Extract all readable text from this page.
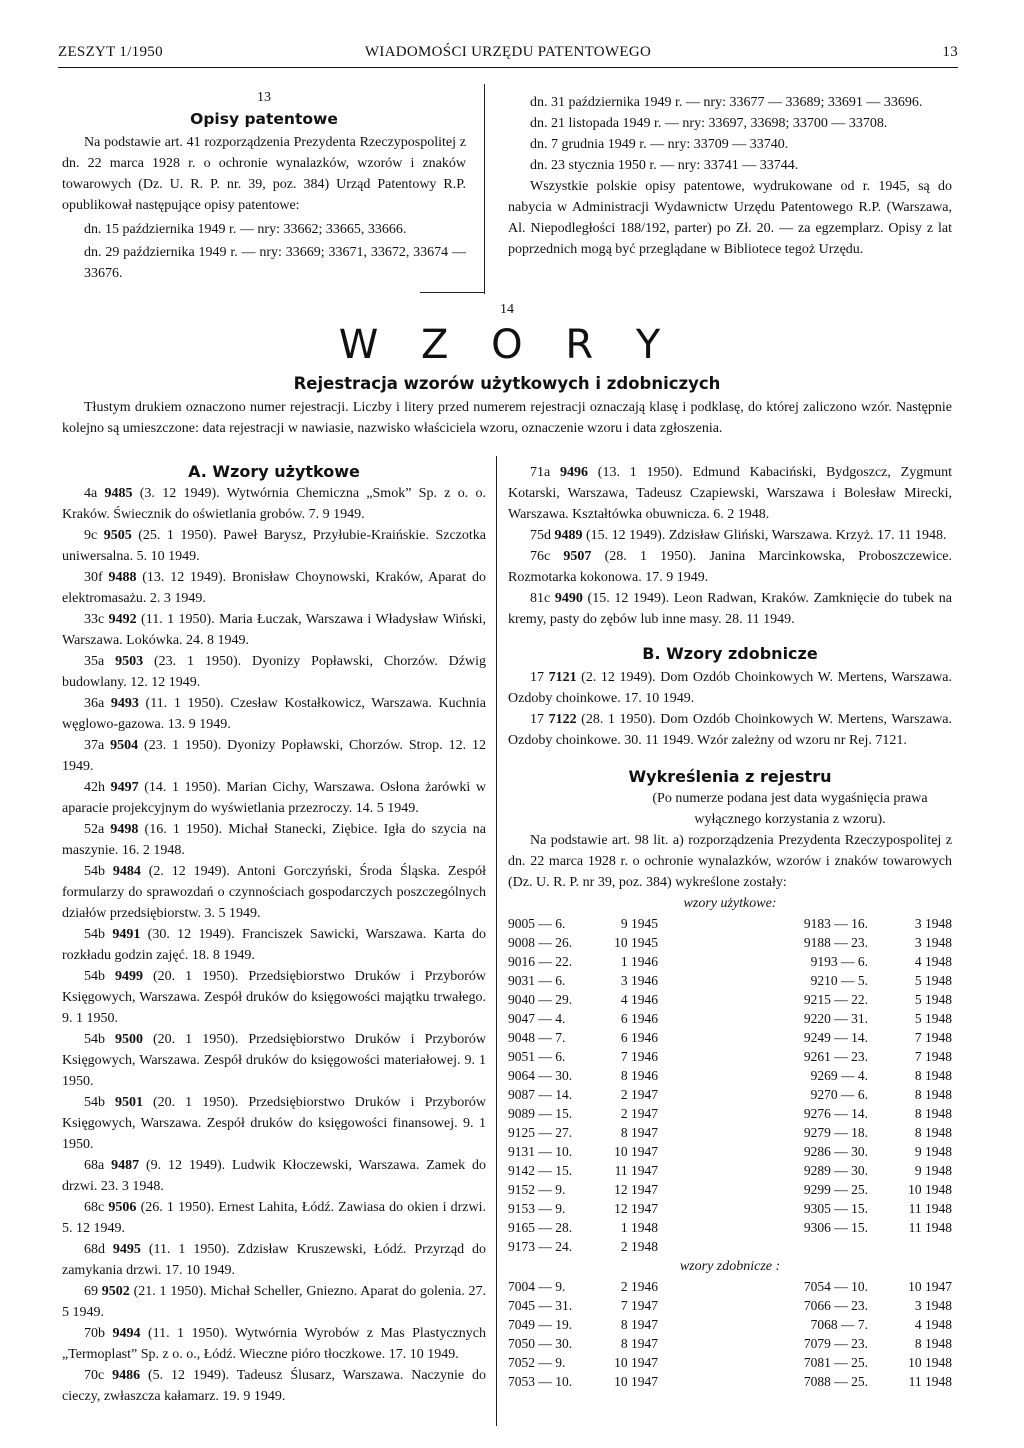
ZESZYT 1/1950	WIADOMOŚCI URZĘDU PATENTOWEGO	13

13

Opisy patentowe

Na podstawie art. 41 rozporządzenia Prezydenta Rzeczypospolitej z dn. 22 marca 1928 r. o ochronie wynalazków, wzorów i znaków towarowych (Dz. U. R. P. nr. 39, poz. 384) Urząd Patentowy R.P. opublikował następujące opisy patentowe:

dn. 15 października 1949 r. — nry: 33662; 33665, 33666.

dn. 29 października 1949 r. — nry: 33669; 33671, 33672, 33674 — 33676.

dn. 31 października 1949 r. — nry: 33677 — 33689; 33691 — 33696.

dn. 21 listopada 1949 r. — nry: 33697, 33698; 33700 — 33708.

dn. 7 grudnia 1949 r. — nry: 33709 — 33740.

dn. 23 stycznia 1950 r. — nry: 33741 — 33744.

Wszystkie polskie opisy patentowe, wydrukowane od r. 1945, są do nabycia w Administracji Wydawnictw Urzędu Patentowego R.P. (Warszawa, Al. Niepodległości 188/192, parter) po Zł. 20. — za egzemplarz. Opisy z lat poprzednich mogą być przeglądane w Bibliotece tegoż Urzędu.

14

W Z O R Y

Rejestracja wzorów użytkowych i zdobniczych

Tłustym drukiem oznaczono numer rejestracji. Liczby i litery przed numerem rejestracji oznaczają klasę i podklasę, do której zaliczono wzór. Następnie kolejno są umieszczone: data rejestracji w nawiasie, nazwisko właściciela wzoru, oznaczenie wzoru i data zgłoszenia.

A. Wzory użytkowe

4a 9485 (3. 12 1949). Wytwórnia Chemiczna „Smok” Sp. z o. o. Kraków. Świecznik do oświetlania grobów. 7. 9 1949.

9c 9505 (25. 1 1950). Paweł Barysz, Przyłubie-Kraińskie. Szczotka uniwersalna. 5. 10 1949.

30f 9488 (13. 12 1949). Bronisław Choynowski, Kraków, Aparat do elektromasażu. 2. 3 1949.

33c 9492 (11. 1 1950). Maria Łuczak, Warszawa i Władysław Wiński, Warszawa. Lokówka. 24. 8 1949.

35a 9503 (23. 1 1950). Dyonizy Popławski, Chorzów. Dźwig budowlany. 12. 12 1949.

36a 9493 (11. 1 1950). Czesław Kostałkowicz, Warszawa. Kuchnia węglowo-gazowa. 13. 9 1949.

37a 9504 (23. 1 1950). Dyonizy Popławski, Chorzów. Strop. 12. 12 1949.

42h 9497 (14. 1 1950). Marian Cichy, Warszawa. Osłona żarówki w aparacie projekcyjnym do wyświetlania przezroczy. 14. 5 1949.

52a 9498 (16. 1 1950). Michał Stanecki, Ziębice. Igła do szycia na maszynie. 16. 2 1948.

54b 9484 (2. 12 1949). Antoni Gorczyński, Środa Śląska. Zespół formularzy do sprawozdań o czynnościach gospodarczych poszczególnych działów przedsiębiorstw. 3. 5 1949.

54b 9491 (30. 12 1949). Franciszek Sawicki, Warszawa. Karta do rozkładu godzin zajęć. 18. 8 1949.

54b 9499 (20. 1 1950). Przedsiębiorstwo Druków i Przyborów Księgowych, Warszawa. Zespół druków do księgowości majątku trwałego. 9. 1 1950.

54b 9500 (20. 1 1950). Przedsiębiorstwo Druków i Przyborów Księgowych, Warszawa. Zespół druków do księgowości materiałowej. 9. 1 1950.

54b 9501 (20. 1 1950). Przedsiębiorstwo Druków i Przyborów Księgowych, Warszawa. Zespół druków do księgowości finansowej. 9. 1 1950.

68a 9487 (9. 12 1949). Ludwik Kłoczewski, Warszawa. Zamek do drzwi. 23. 3 1948.

68c 9506 (26. 1 1950). Ernest Lahita, Łódź. Zawiasa do okien i drzwi. 5. 12 1949.

68d 9495 (11. 1 1950). Zdzisław Kruszewski, Łódź. Przyrząd do zamykania drzwi. 17. 10 1949.

69 9502 (21. 1 1950). Michał Scheller, Gniezno. Aparat do golenia. 27. 5 1949.

70b 9494 (11. 1 1950). Wytwórnia Wyrobów z Mas Plastycznych „Termoplast” Sp. z o. o., Łódź. Wieczne pióro tłoczkowe. 17. 10 1949.

70c 9486 (5. 12 1949). Tadeusz Ślusarz, Warszawa. Naczynie do cieczy, zwłaszcza kałamarz. 19. 9 1949.

71a 9496 (13. 1 1950). Edmund Kabaciński, Bydgoszcz, Zygmunt Kotarski, Warszawa, Tadeusz Czapiewski, Warszawa i Bolesław Mirecki, Warszawa. Kształtówka obuwnicza. 6. 2 1948.

75d 9489 (15. 12 1949). Zdzisław Gliński, Warszawa. Krzyż. 17. 11 1948.

76c 9507 (28. 1 1950). Janina Marcinkowska, Proboszczewice. Rozmotarka kokonowa. 17. 9 1949.

81c 9490 (15. 12 1949). Leon Radwan, Kraków. Zamknięcie do tubek na kremy, pasty do zębów lub inne masy. 28. 11 1949.

B. Wzory zdobnicze

17 7121 (2. 12 1949). Dom Ozdób Choinkowych W. Mertens, Warszawa. Ozdoby choinkowe. 17. 10 1949.

17 7122 (28. 1 1950). Dom Ozdób Choinkowych W. Mertens, Warszawa. Ozdoby choinkowe. 30. 11 1949. Wzór zależny od wzoru nr Rej. 7121.

Wykreślenia z rejestru

(Po numerze podana jest data wygaśnięcia prawa wyłącznego korzystania z wzoru).

Na podstawie art. 98 lit. a) rozporządzenia Prezydenta Rzeczypospolitej z dn. 22 marca 1928 r. o ochronie wynalazków, wzorów i znaków towarowych (Dz. U. R. P. nr 39, poz. 384) wykreślone zostały:

wzory użytkowe:

9005 — 6.	9 1945	9183 — 16.	3 1948
9008 — 26.	10 1945	9188 — 23.	3 1948
9016 — 22.	1 1946	9193 — 6.	4 1948
9031 — 6.	3 1946	9210 — 5.	5 1948
9040 — 29.	4 1946	9215 — 22.	5 1948
9047 — 4.	6 1946	9220 — 31.	5 1948
9048 — 7.	6 1946	9249 — 14.	7 1948
9051 — 6.	7 1946	9261 — 23.	7 1948
9064 — 30.	8 1946	9269 — 4.	8 1948
9087 — 14.	2 1947	9270 — 6.	8 1948
9089 — 15.	2 1947	9276 — 14.	8 1948
9125 — 27.	8 1947	9279 — 18.	8 1948
9131 — 10.	10 1947	9286 — 30.	9 1948
9142 — 15.	11 1947	9289 — 30.	9 1948
9152 — 9.	12 1947	9299 — 25.	10 1948
9153 — 9.	12 1947	9305 — 15.	11 1948
9165 — 28.	1 1948	9306 — 15.	11 1948
9173 — 24.	2 1948		

wzory zdobnicze :

7004 — 9.	2 1946	7054 — 10.	10 1947
7045 — 31.	7 1947	7066 — 23.	3 1948
7049 — 19.	8 1947	7068 — 7.	4 1948
7050 — 30.	8 1947	7079 — 23.	8 1948
7052 — 9.	10 1947	7081 — 25.	10 1948
7053 — 10.	10 1947	7088 — 25.	11 1948
